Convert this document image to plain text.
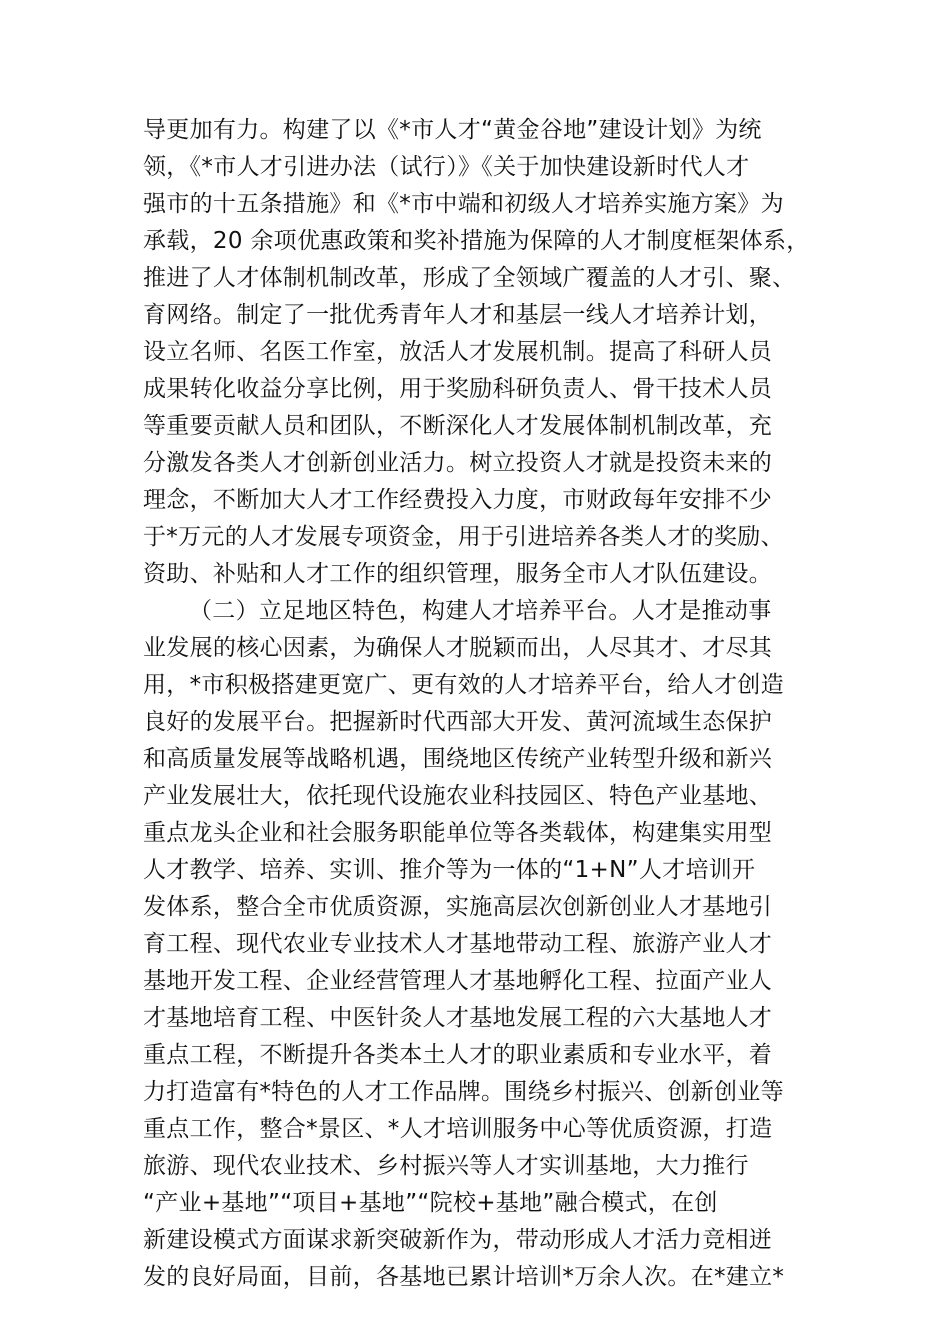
导更加有力。构建了以《*市人才“黄金谷地”建设计划》为统
领，《*市人才引进办法（试行）》《关于加快建设新时代人才
强市的十五条措施》和《*市中端和初级人才培养实施方案》为
承载，20 余项优惠政策和奖补措施为保障的人才制度框架体系，
推进了人才体制机制改革，形成了全领域广覆盖的人才引、聚、
育网络。制定了一批优秀青年人才和基层一线人才培养计划，
设立名师、名医工作室，放活人才发展机制。提高了科研人员
成果转化收益分享比例，用于奖励科研负责人、骨干技术人员
等重要贡献人员和团队，不断深化人才发展体制机制改革，充
分激发各类人才创新创业活力。树立投资人才就是投资未来的
理念，不断加大人才工作经费投入力度，市财政每年安排不少
于*万元的人才发展专项资金，用于引进培养各类人才的奖励、
资助、补贴和人才工作的组织管理，服务全市人才队伍建设。
（二）立足地区特色，构建人才培养平台。人才是推动事
业发展的核心因素，为确保人才脱颖而出，人尽其才、才尽其
用，*市积极搭建更宽广、更有效的人才培养平台，给人才创造
良好的发展平台。把握新时代西部大开发、黄河流域生态保护
和高质量发展等战略机遇，围绕地区传统产业转型升级和新兴
产业发展壮大，依托现代设施农业科技园区、特色产业基地、
重点龙头企业和社会服务职能单位等各类载体，构建集实用型
人才教学、培养、实训、推介等为一体的“1+N”人才培训开
发体系，整合全市优质资源，实施高层次创新创业人才基地引
育工程、现代农业专业技术人才基地带动工程、旅游产业人才
基地开发工程、企业经营管理人才基地孵化工程、拉面产业人
才基地培育工程、中医针灸人才基地发展工程的六大基地人才
重点工程，不断提升各类本土人才的职业素质和专业水平，着
力打造富有*特色的人才工作品牌。围绕乡村振兴、创新创业等
重点工作，整合*景区、*人才培训服务中心等优质资源，打造
旅游、现代农业技术、乡村振兴等人才实训基地，大力推行
“产业+基地”“项目+基地”“院校+基地”融合模式，在创
新建设模式方面谋求新突破新作为，带动形成人才活力竞相迸
发的良好局面，目前，各基地已累计培训*万余人次。在*建立*
